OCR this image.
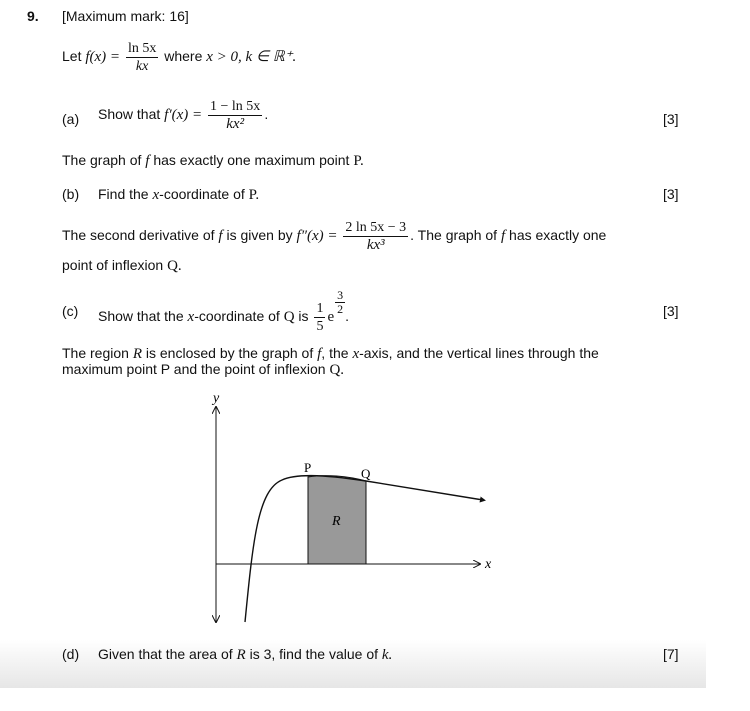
9. [Maximum mark: 16]
Let $f(x) = \frac{\ln 5x}{kx}$ where x > 0, k ∈ ℝ⁺.
(a) Show that $f'(x) = \frac{1 - \ln 5x}{\text{kx²}}$ .	[3]
The graph of f has exactly one maximum point P.
(b) Find the x-coordinate of P.	[3]
The second derivative of f is given by $f''(x) = \frac{2 \ln 5x - 3}{\text{kx³}}$ . The graph of f has exactly one
point of inflexion Q.
(c) Show that the x-coordinate of Q is $\frac{1}{5}$ e
$\frac{3}{2}$ .	[3]
The region R is enclosed by the graph of f, the x-axis, and the vertical lines through the
maximum point P and the point of inflexion Q.
y
x
P	Q
R
(d) Given that the area of R is 3, find the value of k.	[7]
